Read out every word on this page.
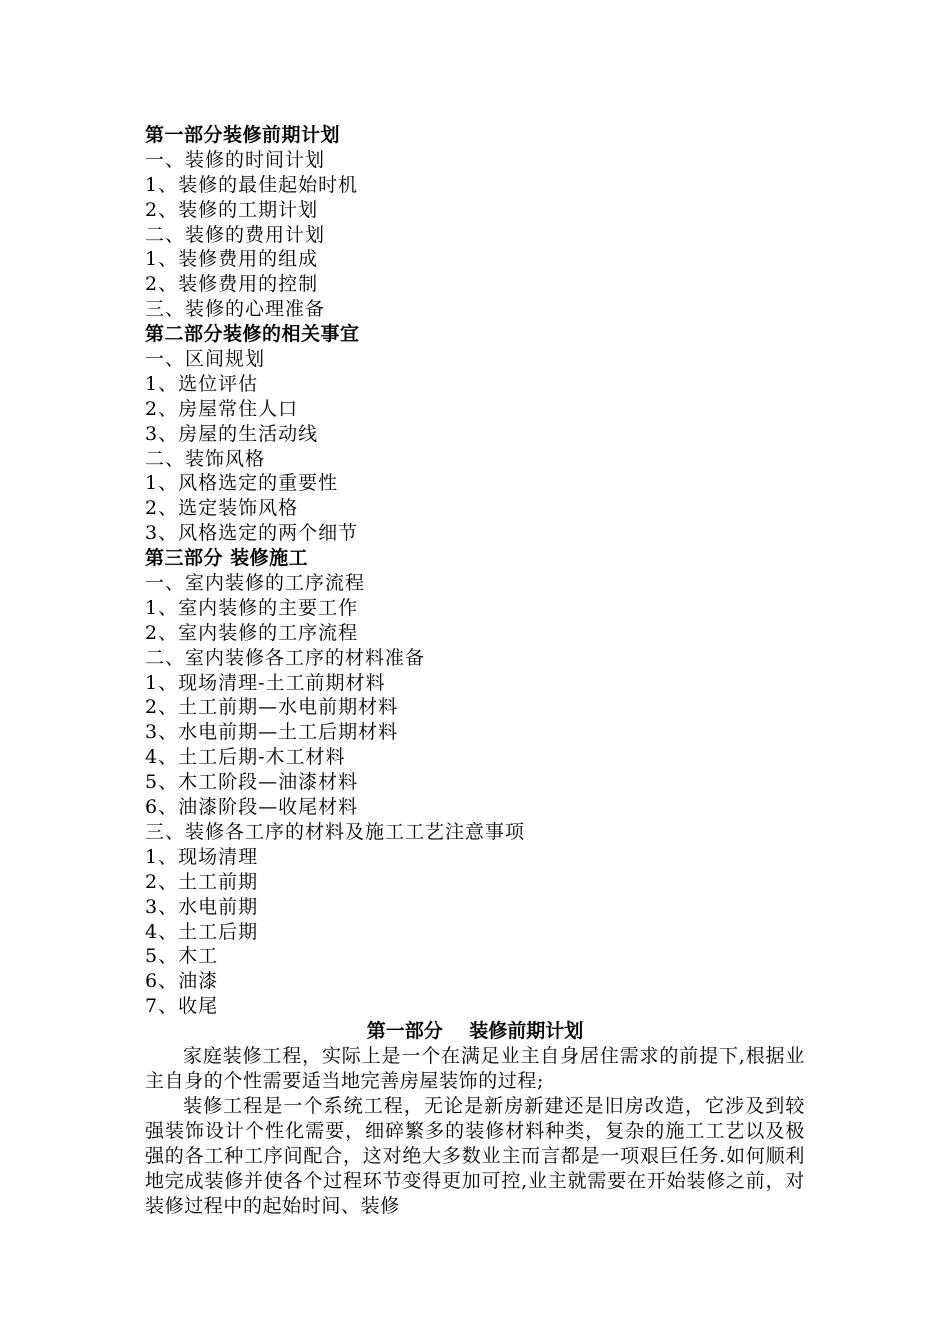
第一部分装修前期计划
一、装修的时间计划
1、装修的最佳起始时机
2、装修的工期计划
二、装修的费用计划
1、装修费用的组成
2、装修费用的控制
三、装修的心理准备
第二部分装修的相关事宜
一、区间规划
1、选位评估
2、房屋常住人口
3、房屋的生活动线
二、装饰风格
1、风格选定的重要性
2、选定装饰风格
3、风格选定的两个细节
第三部分 装修施工
一、室内装修的工序流程
1、室内装修的主要工作
2、室内装修的工序流程
二、室内装修各工序的材料准备
1、现场清理-土工前期材料
2、土工前期—水电前期材料
3、水电前期—土工后期材料
4、土工后期-木工材料
5、木工阶段—油漆材料
6、油漆阶段—收尾材料
三、装修各工序的材料及施工工艺注意事项
1、现场清理
2、土工前期
3、水电前期
4、土工后期
5、木工
6、油漆
7、收尾
第一部分    装修前期计划

家庭装修工程，实际上是一个在满足业主自身居住需求的前提下,根据业主自身的个性需要适当地完善房屋装饰的过程;

装修工程是一个系统工程，无论是新房新建还是旧房改造，它涉及到较强装饰设计个性化需要，细碎繁多的装修材料种类，复杂的施工工艺以及极强的各工种工序间配合，这对绝大多数业主而言都是一项艰巨任务.如何顺利地完成装修并使各个过程环节变得更加可控,业主就需要在开始装修之前，对装修过程中的起始时间、装修
